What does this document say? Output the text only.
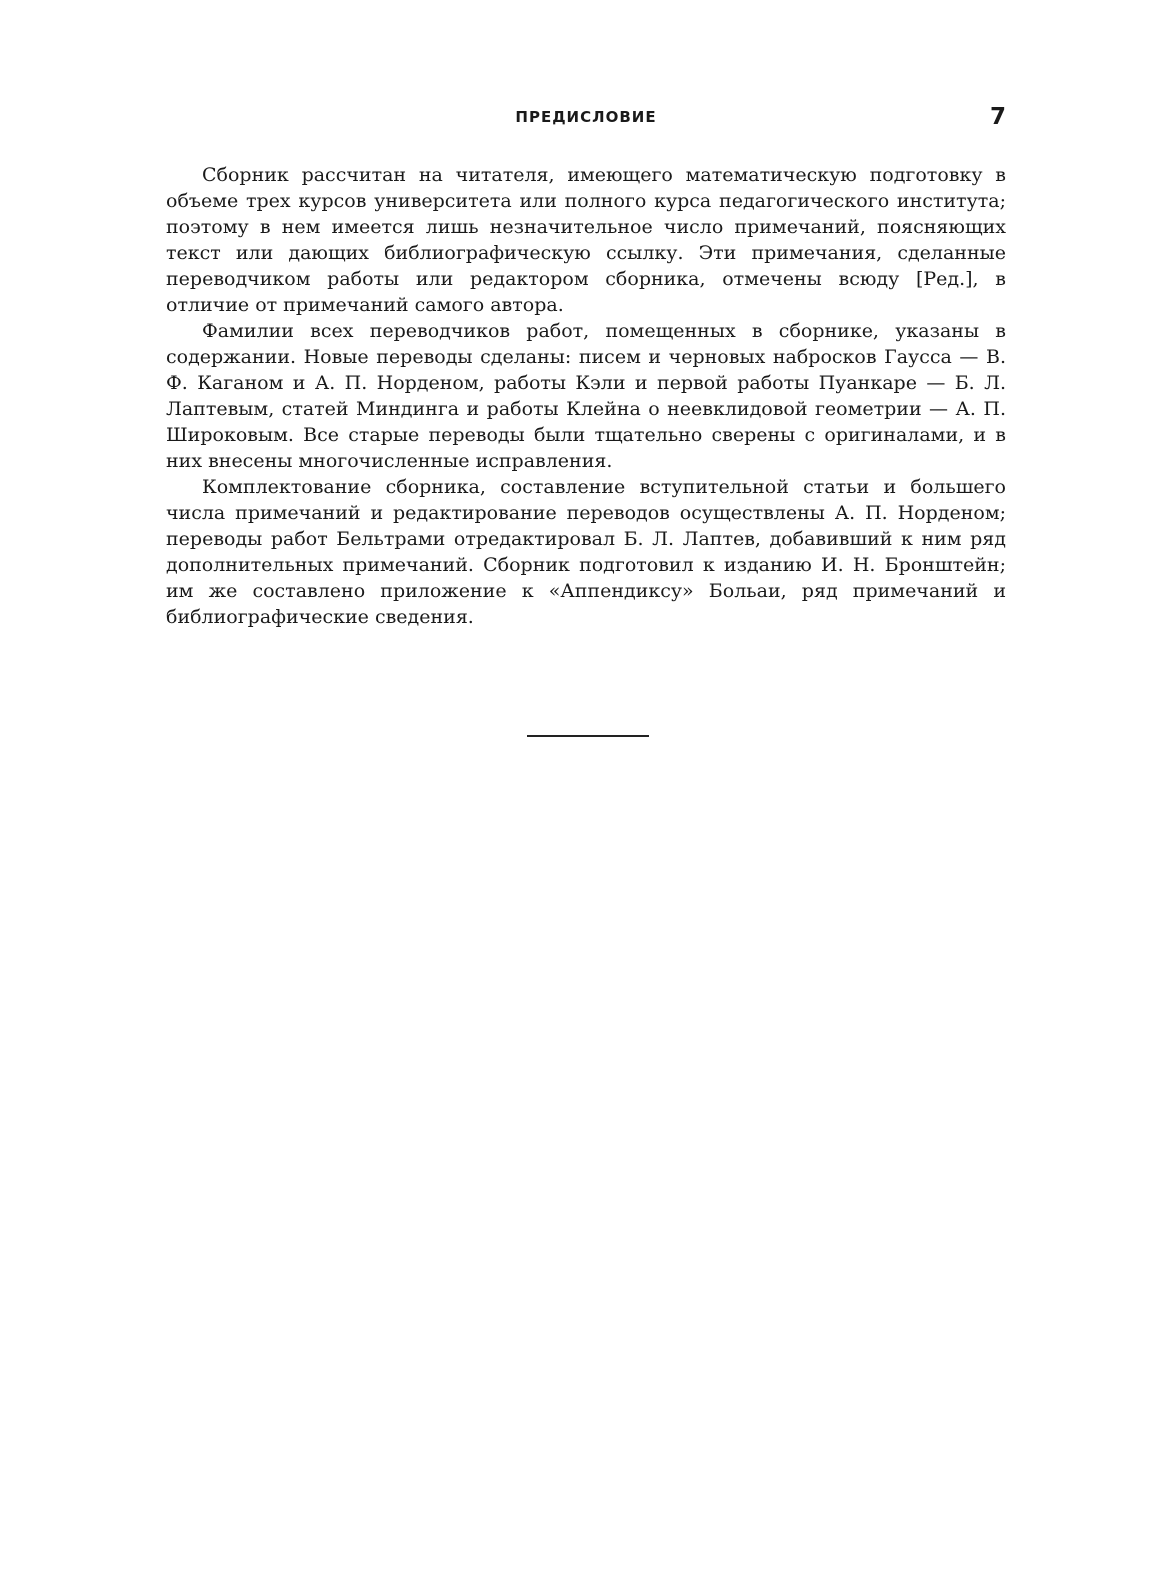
ПРЕДИСЛОВИЕ	7

Сборник рассчитан на читателя, имеющего математическую подготовку в объеме трех курсов университета или полного курса педагогического института; поэтому в нем имеется лишь незначительное число примечаний, поясняющих текст или дающих библиографическую ссылку. Эти примечания, сделанные переводчиком работы или редактором сборника, отмечены всюду [Ред.], в отличие от примечаний самого автора.

Фамилии всех переводчиков работ, помещенных в сборнике, указаны в содержании. Новые переводы сделаны: писем и черновых набросков Гаусса — В. Ф. Каганом и А. П. Норденом, работы Кэли и первой работы Пуанкаре — Б. Л. Лаптевым, статей Миндинга и работы Клейна о неевклидовой геометрии — А. П. Широковым. Все старые переводы были тщательно сверены с оригиналами, и в них внесены многочисленные исправления.

Комплектование сборника, составление вступительной статьи и большего числа примечаний и редактирование переводов осуществлены А. П. Норденом; переводы работ Бельтрами отредактировал Б. Л. Лаптев, добавивший к ним ряд дополнительных примечаний. Сборник подготовил к изданию И. Н. Бронштейн; им же составлено приложение к «Аппендиксу» Больаи, ряд примечаний и библиографические сведения.
